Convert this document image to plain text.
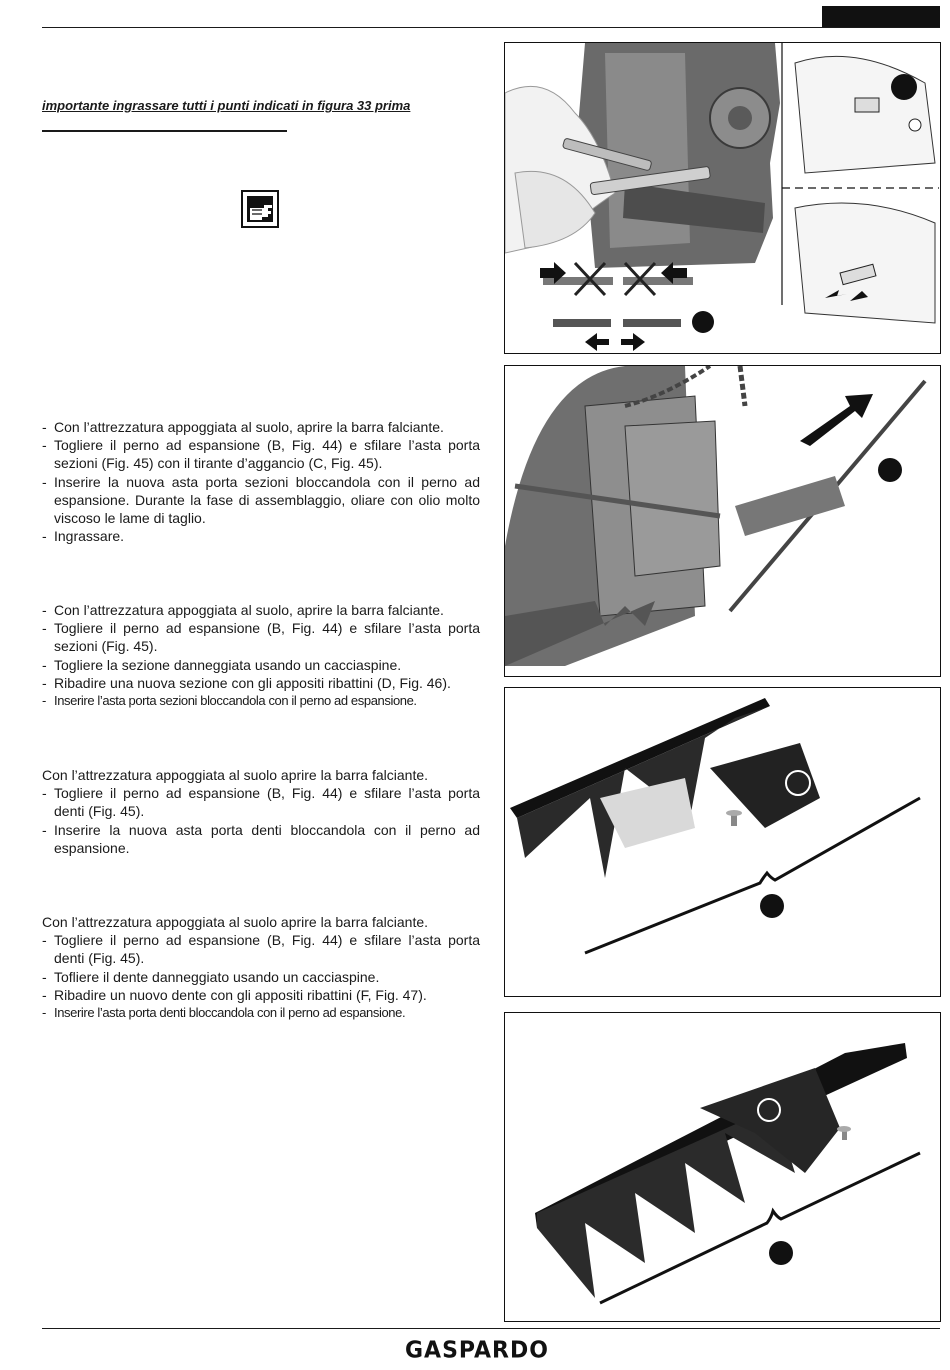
importante ingrassare tutti i punti indicati in figura 33 prima
- Con l’attrezzatura appoggiata al suolo, aprire la barra falciante.
- Togliere il perno ad espansione (B, Fig. 44) e sfilare l’asta porta sezioni (Fig. 45) con il tirante d’aggancio (C, Fig. 45).
- Inserire la nuova asta porta sezioni bloccandola con il perno ad espansione. Durante la fase di assemblaggio, oliare con olio molto viscoso le lame di taglio.
- Ingrassare.
- Con l’attrezzatura appoggiata al suolo, aprire la barra falciante.
- Togliere il perno ad espansione (B, Fig. 44) e sfilare l’asta porta sezioni (Fig. 45).
- Togliere la sezione danneggiata usando un cacciaspine.
- Ribadire una nuova sezione con gli appositi ribattini (D, Fig. 46).
- Inserire l’asta porta sezioni bloccandola con il perno ad espansione.

Con l’attrezzatura appoggiata al suolo aprire la barra falciante.

- Togliere il perno ad espansione (B, Fig. 44) e sfilare l’asta porta denti (Fig. 45).
- Inserire la nuova asta porta denti bloccandola con il perno ad espansione.

Con l’attrezzatura appoggiata al suolo aprire la barra falciante.

- Togliere il perno ad espansione (B, Fig. 44) e sfilare l’asta porta denti (Fig. 45).
- Tofliere il dente danneggiato usando un cacciaspine.
- Ribadire un nuovo dente con gli appositi ribattini (F, Fig. 47).
- Inserire l’asta porta denti bloccandola con il perno ad espansione.
GASPARDO
